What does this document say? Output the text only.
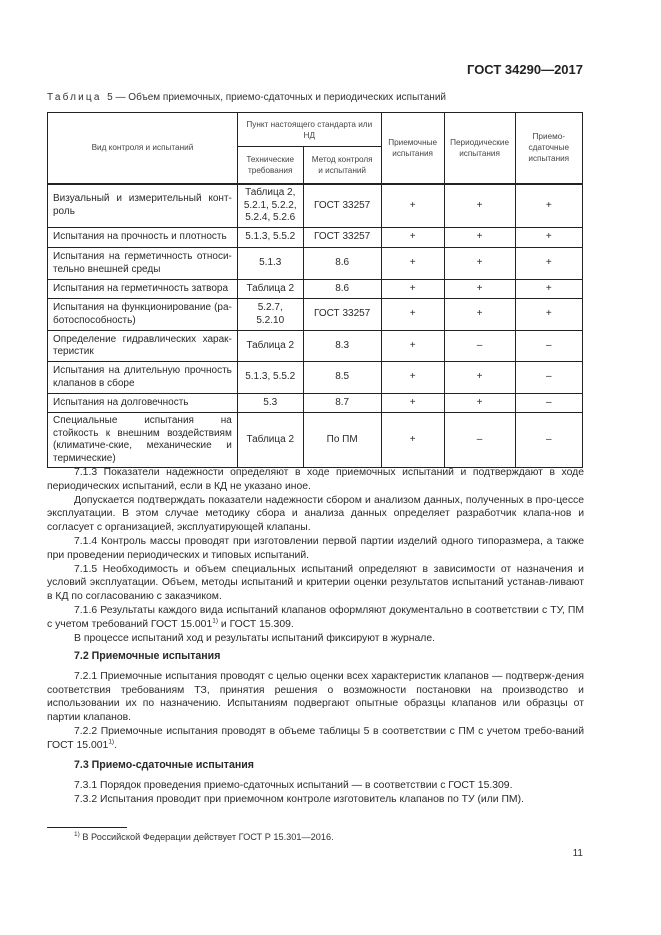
ГОСТ 34290—2017
Таблица 5 — Объем приемочных, приемо-сдаточных и периодических испытаний
Вид контроля и испытаний	Пункт настоящего стандарта или НД		Приемочные испытания	Периодические испытания	Приемо-сдаточные испытания
	Технические требования	Метод контроля и испытаний			
Визуальный и измерительный конт-роль	Таблица 2, 5.2.1, 5.2.2, 5.2.4, 5.2.6	ГОСТ 33257	+	+	+
Испытания на прочность и плотность	5.1.3, 5.5.2	ГОСТ 33257	+	+	+
Испытания на герметичность относи-тельно внешней среды	5.1.3	8.6	+	+	+
Испытания на герметичность затвора	Таблица 2	8.6	+	+	+
Испытания на функционирование (ра-ботоспособность)	5.2.7, 5.2.10	ГОСТ 33257	+	+	+
Определение гидравлических харак-теристик	Таблица 2	8.3	+	–	–
Испытания на длительную прочность клапанов в сборе	5.1.3, 5.5.2	8.5	+	+	–
Испытания на долговечность	5.3	8.7	+	+	–
Специальные испытания на стойкость к внешним воздействиям (климатиче-ские, механические и термические)	Таблица 2	По ПМ	+	–	–

7.1.3 Показатели надежности определяют в ходе приемочных испытаний и подтверждают в ходе периодических испытаний, если в КД не указано иное.

Допускается подтверждать показатели надежности сбором и анализом данных, полученных в про-цессе эксплуатации. В этом случае методику сбора и анализа данных определяет разработчик клапа-нов и согласует с организацией, эксплуатирующей клапаны.

7.1.4 Контроль массы проводят при изготовлении первой партии изделий одного типоразмера, а также при проведении периодических и типовых испытаний.

7.1.5 Необходимость и объем специальных испытаний определяют в зависимости от назначения и условий эксплуатации. Объем, методы испытаний и критерии оценки результатов испытаний устанав-ливают в КД по согласованию с заказчиком.

7.1.6 Результаты каждого вида испытаний клапанов оформляют документально в соответствии с ТУ, ПМ с учетом требований ГОСТ 15.001$^{1)}$ и ГОСТ 15.309.

В процессе испытаний ход и результаты испытаний фиксируют в журнале.

7.2 Приемочные испытания

7.2.1 Приемочные испытания проводят с целью оценки всех характеристик клапанов — подтверж-дения соответствия требованиям ТЗ, принятия решения о возможности постановки на производство и использовании их по назначению. Испытаниям подвергают опытные образцы клапанов или образцы от партии клапанов.

7.2.2 Приемочные испытания проводят в объеме таблицы 5 в соответствии с ПМ с учетом требо-ваний ГОСТ 15.001$^{1)}$.

7.3 Приемо-сдаточные испытания

7.3.1 Порядок проведения приемо-сдаточных испытаний — в соответствии с ГОСТ 15.309.

7.3.2 Испытания проводит при приемочном контроле изготовитель клапанов по ТУ (или ПМ).

$^{1)}$ В Российской Федерации действует ГОСТ Р 15.301—2016.
11
